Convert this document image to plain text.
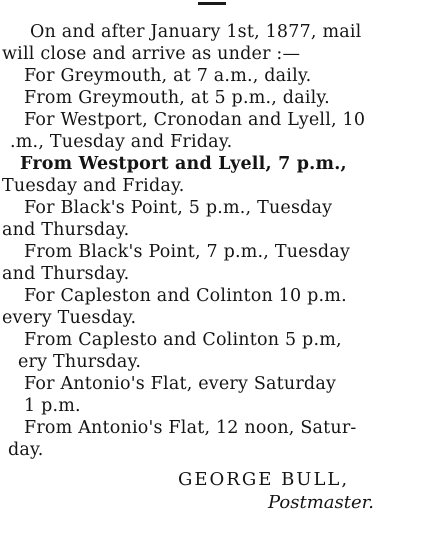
On and after January 1st, 1877, mail
will close and arrive as under :—
For Greymouth, at 7 a.m., daily.
From Greymouth, at 5 p.m., daily.
For Westport, Cronodan and Lyell, 10
.m., Tuesday and Friday.
From Westport and Lyell, 7 p.m.,
Tuesday and Friday.
For Black's Point, 5 p.m., Tuesday
and Thursday.
From Black's Point, 7 p.m., Tuesday
and Thursday.
For Capleston and Colinton 10 p.m.
every Tuesday.
From Caplesto and Colinton 5 p.m,
ery Thursday.
For Antonio's Flat, every Saturday
1 p.m.
From Antonio's Flat, 12 noon, Satur-
day.
GEORGE BULL,
Postmaster.
